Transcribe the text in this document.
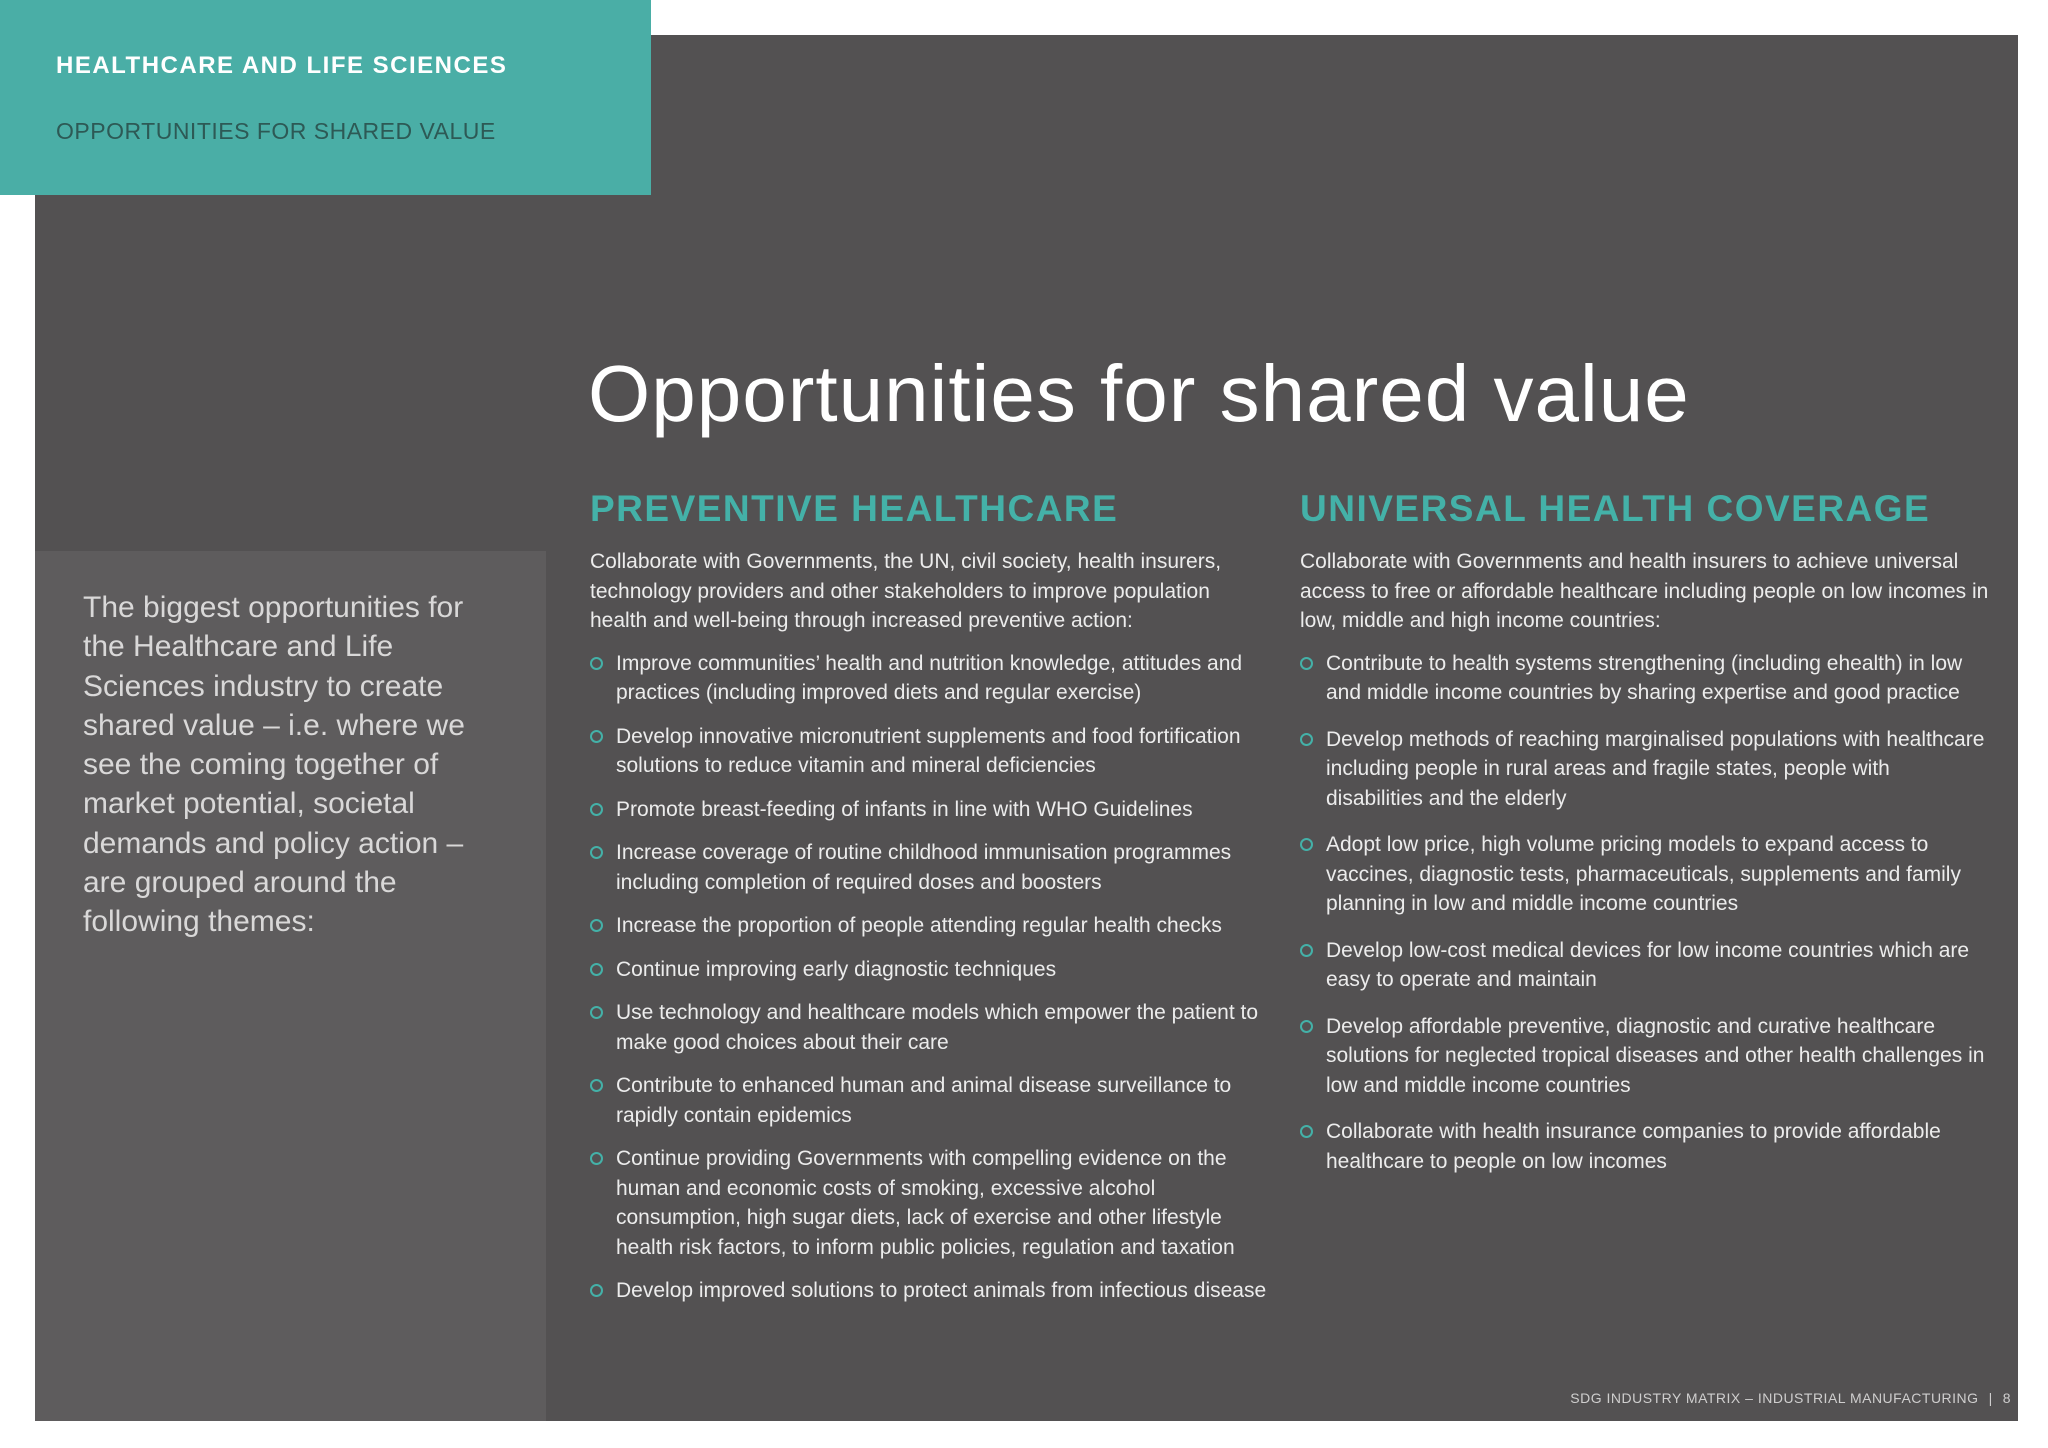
HEALTHCARE AND LIFE SCIENCES
OPPORTUNITIES FOR SHARED VALUE
The biggest opportunities for the Healthcare and Life Sciences industry to create shared value – i.e. where we see the coming together of market potential, societal demands and policy action – are grouped around the following themes:
Opportunities for shared value
PREVENTIVE HEALTHCARE
Collaborate with Governments, the UN, civil society, health insurers, technology providers and other stakeholders to improve population health and well-being through increased preventive action:
Improve communities’ health and nutrition knowledge, attitudes and practices (including improved diets and regular exercise)
Develop innovative micronutrient supplements and food fortification solutions to reduce vitamin and mineral deficiencies
Promote breast-feeding of infants in line with WHO Guidelines
Increase coverage of routine childhood immunisation programmes including completion of required doses and boosters
Increase the proportion of people attending regular health checks
Continue improving early diagnostic techniques
Use technology and healthcare models which empower the patient to make good choices about their care
Contribute to enhanced human and animal disease surveillance to rapidly contain epidemics
Continue providing Governments with compelling evidence on the human and economic costs of smoking, excessive alcohol consumption, high sugar diets, lack of exercise and other lifestyle health risk factors, to inform public policies, regulation and taxation
Develop improved solutions to protect animals from infectious disease
UNIVERSAL HEALTH COVERAGE
Collaborate with Governments and health insurers to achieve universal access to free or affordable healthcare including people on low incomes in low, middle and high income countries:
Contribute to health systems strengthening (including ehealth) in low and middle income countries by sharing expertise and good practice
Develop methods of reaching marginalised populations with healthcare including people in rural areas and fragile states, people with disabilities and the elderly
Adopt low price, high volume pricing models to expand access to vaccines, diagnostic tests, pharmaceuticals, supplements and family planning in low and middle income countries
Develop low-cost medical devices for low income countries which are easy to operate and maintain
Develop affordable preventive, diagnostic and curative healthcare solutions for neglected tropical diseases and other health challenges in low and middle income countries
Collaborate with health insurance companies to provide affordable healthcare to people on low incomes
SDG INDUSTRY MATRIX – INDUSTRIAL MANUFACTURING | 8
